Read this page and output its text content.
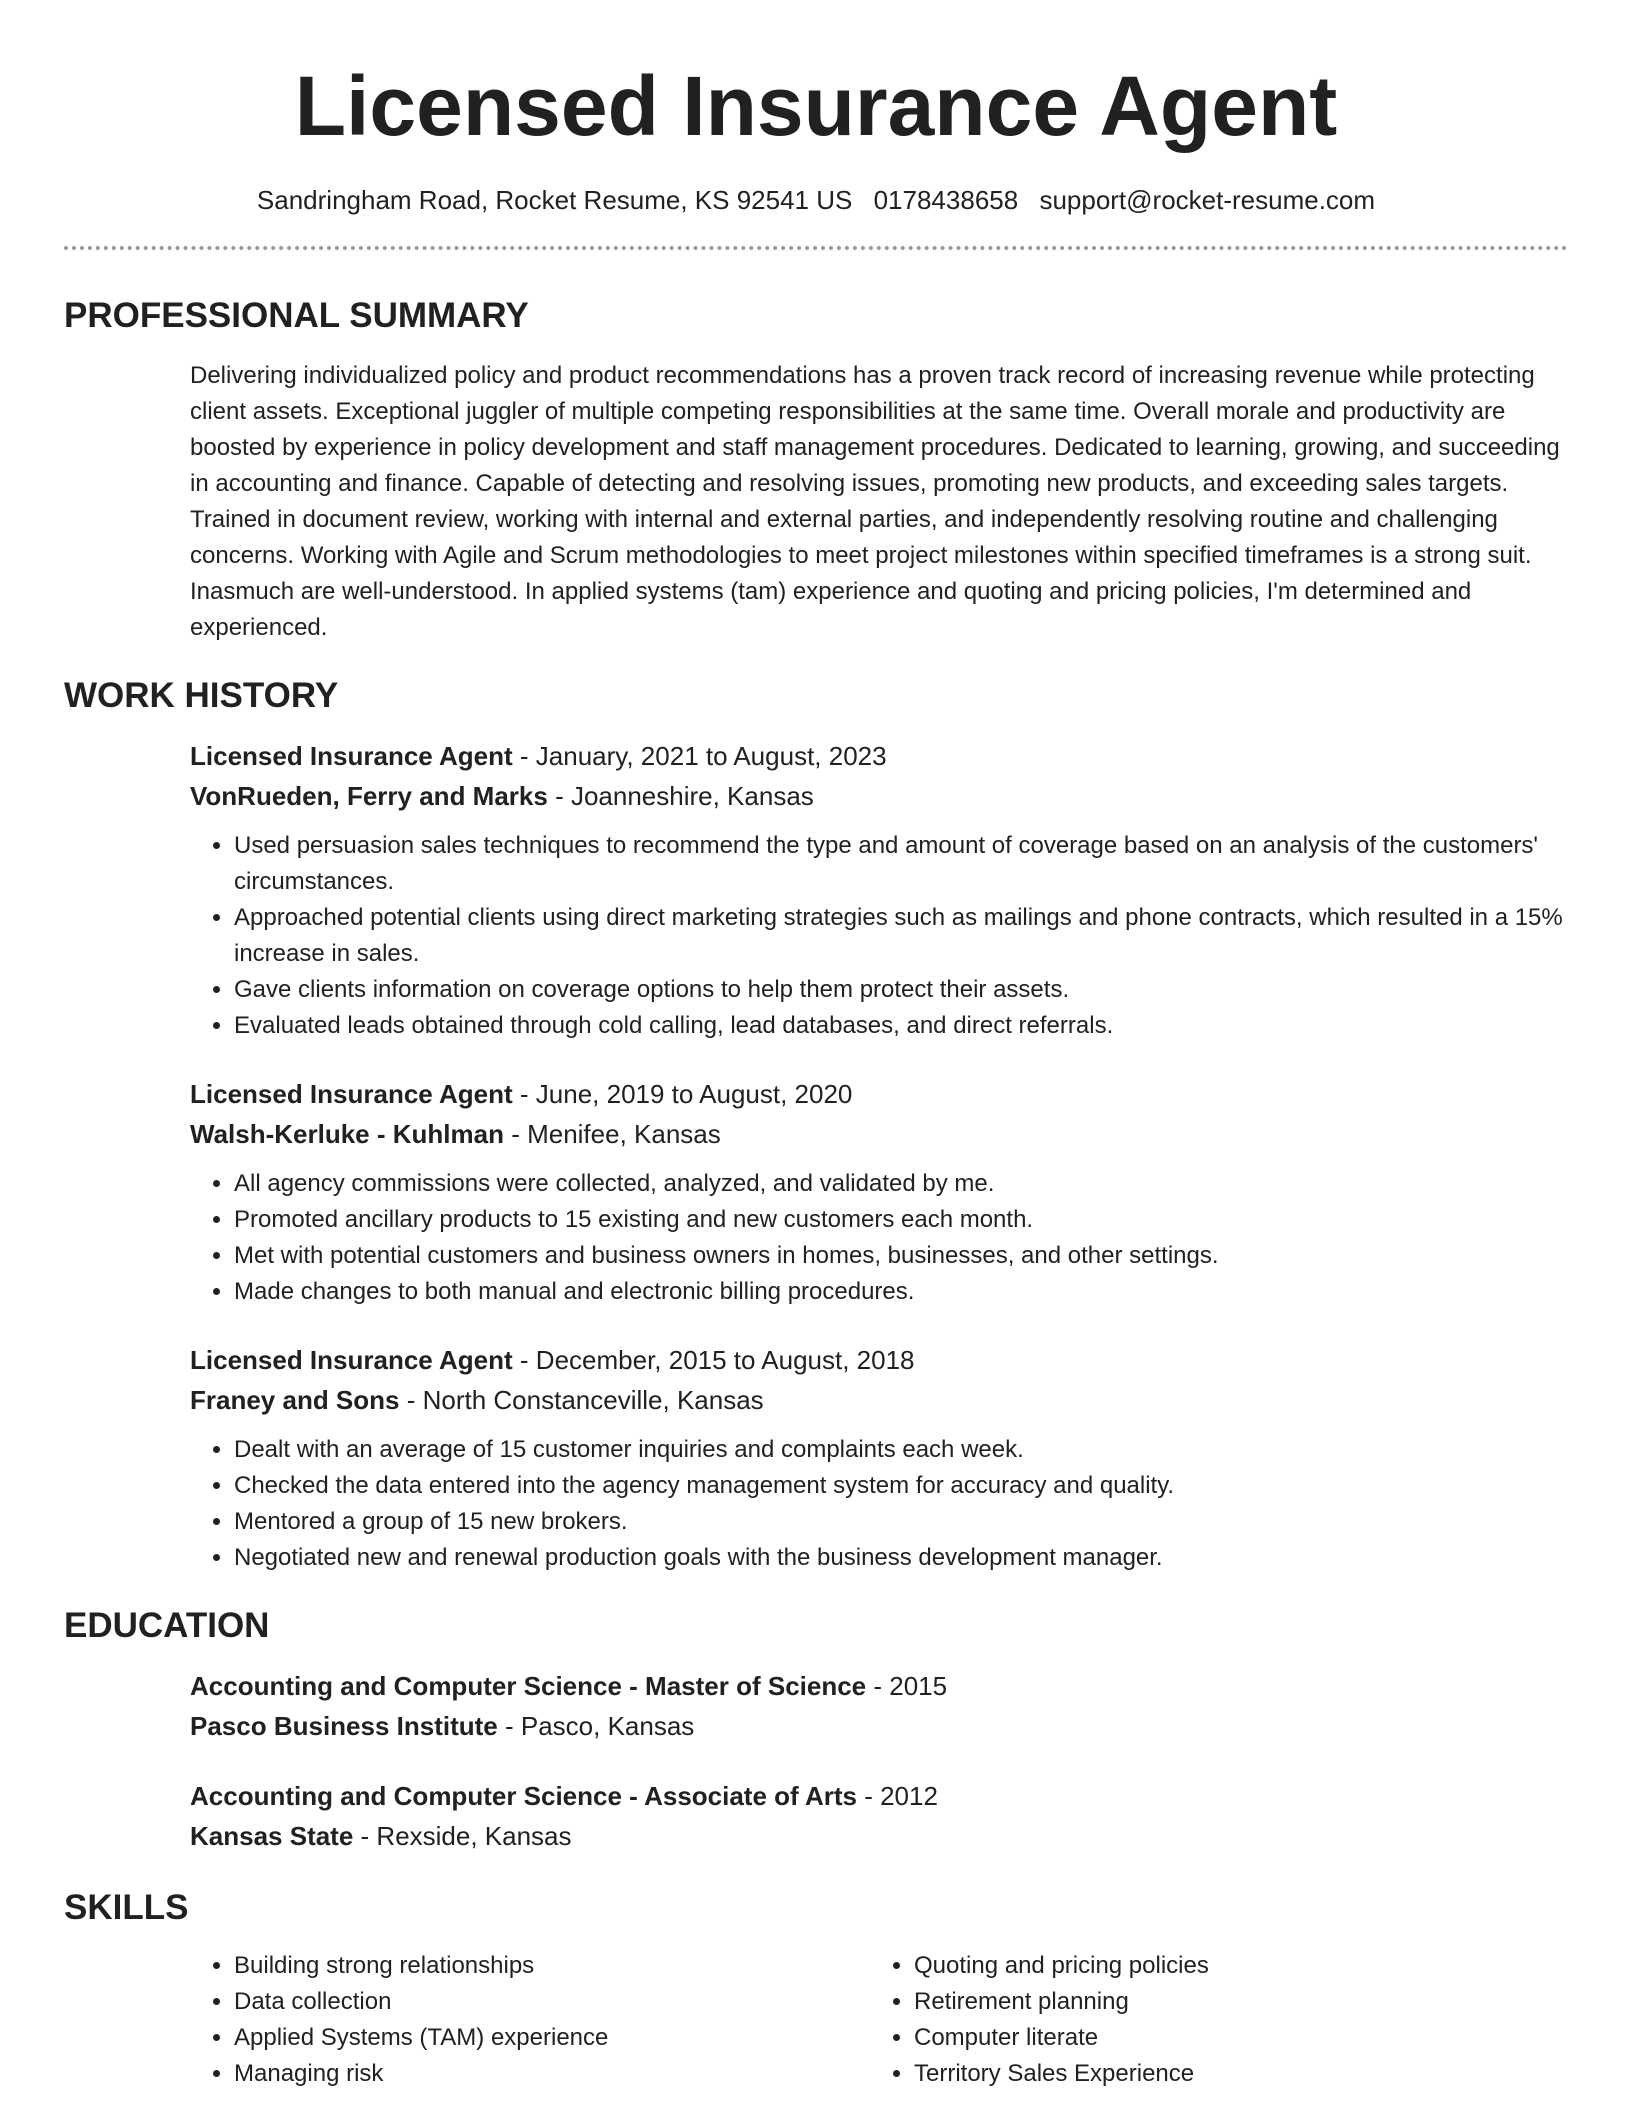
Licensed Insurance Agent
Sandringham Road, Rocket Resume, KS 92541 US 0178438658 support@rocket-resume.com
PROFESSIONAL SUMMARY

Delivering individualized policy and product recommendations has a proven track record of increasing revenue while protecting client assets. Exceptional juggler of multiple competing responsibilities at the same time. Overall morale and productivity are boosted by experience in policy development and staff management procedures. Dedicated to learning, growing, and succeeding in accounting and finance. Capable of detecting and resolving issues, promoting new products, and exceeding sales targets. Trained in document review, working with internal and external parties, and independently resolving routine and challenging concerns. Working with Agile and Scrum methodologies to meet project milestones within specified timeframes is a strong suit. Inasmuch are well-understood. In applied systems (tam) experience and quoting and pricing policies, I'm determined and experienced.

WORK HISTORY
Licensed Insurance Agent - January, 2021 to August, 2023
VonRueden, Ferry and Marks - Joanneshire, Kansas
• Used persuasion sales techniques to recommend the type and amount of coverage based on an analysis of the customers' circumstances.
• Approached potential clients using direct marketing strategies such as mailings and phone contracts, which resulted in a 15% increase in sales.
• Gave clients information on coverage options to help them protect their assets.
• Evaluated leads obtained through cold calling, lead databases, and direct referrals.
Licensed Insurance Agent - June, 2019 to August, 2020
Walsh-Kerluke - Kuhlman - Menifee, Kansas
• All agency commissions were collected, analyzed, and validated by me.
• Promoted ancillary products to 15 existing and new customers each month.
• Met with potential customers and business owners in homes, businesses, and other settings.
• Made changes to both manual and electronic billing procedures.
Licensed Insurance Agent - December, 2015 to August, 2018
Franey and Sons - North Constanceville, Kansas
• Dealt with an average of 15 customer inquiries and complaints each week.
• Checked the data entered into the agency management system for accuracy and quality.
• Mentored a group of 15 new brokers.
• Negotiated new and renewal production goals with the business development manager.
EDUCATION
Accounting and Computer Science - Master of Science - 2015
Pasco Business Institute - Pasco, Kansas
Accounting and Computer Science - Associate of Arts - 2012
Kansas State - Rexside, Kansas
SKILLS
• Building strong relationships
• Data collection
• Applied Systems (TAM) experience
• Managing risk
• Quoting and pricing policies
• Retirement planning
• Computer literate
• Territory Sales Experience
